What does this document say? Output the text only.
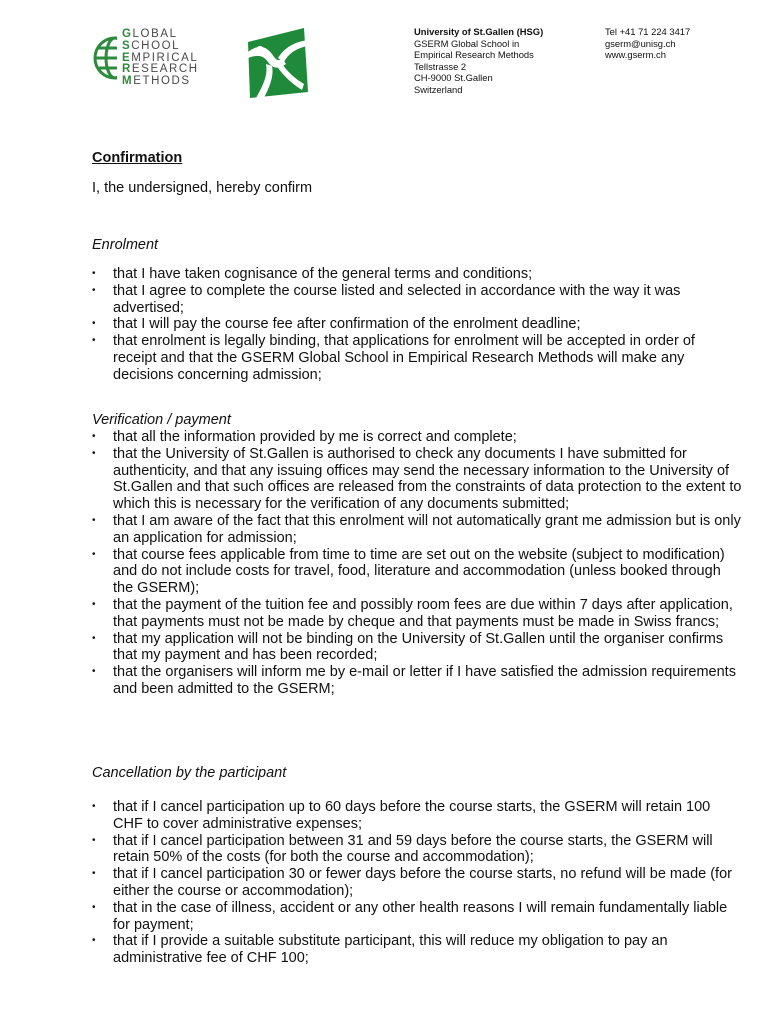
GLOBAL
SCHOOL
EMPIRICAL
RESEARCH
METHODS
University of St.Gallen (HSG)
GSERM Global School in
Empirical Research Methods
Tellstrasse 2
CH-9000 St.Gallen
Switzerland
Tel +41 71 224 3417
gserm@unisg.ch
www.gserm.ch
Confirmation
I, the undersigned, hereby confirm

Enrolment

• that I have taken cognisance of the general terms and conditions;
• that I agree to complete the course listed and selected in accordance with the way it was advertised;
• that I will pay the course fee after confirmation of the enrolment deadline;
• that enrolment is legally binding, that applications for enrolment will be accepted in order of receipt and that the GSERM Global School in Empirical Research Methods will make any decisions concerning admission;

Verification / payment

• that all the information provided by me is correct and complete;
• that the University of St.Gallen is authorised to check any documents I have submitted for authenticity, and that any issuing offices may send the necessary information to the University of St.Gallen and that such offices are released from the constraints of data protection to the extent to which this is necessary for the verification of any documents submitted;
• that I am aware of the fact that this enrolment will not automatically grant me admission but is only an application for admission;
• that course fees applicable from time to time are set out on the website (subject to modification) and do not include costs for travel, food, literature and accommodation (unless booked through the GSERM);
• that the payment of the tuition fee and possibly room fees are due within 7 days after application, that payments must not be made by cheque and that payments must be made in Swiss francs;
• that my application will not be binding on the University of St.Gallen until the organiser confirms that my payment and has been recorded;
• that the organisers will inform me by e-mail or letter if I have satisfied the admission requirements and been admitted to the GSERM;

Cancellation by the participant

• that if I cancel participation up to 60 days before the course starts, the GSERM will retain 100 CHF to cover administrative expenses;
• that if I cancel participation between 31 and 59 days before the course starts, the GSERM will retain 50% of the costs (for both the course and accommodation);
• that if I cancel participation 30 or fewer days before the course starts, no refund will be made (for either the course or accommodation);
• that in the case of illness, accident or any other health reasons I will remain fundamentally liable for payment;
• that if I provide a suitable substitute participant, this will reduce my obligation to pay an administrative fee of CHF 100;
